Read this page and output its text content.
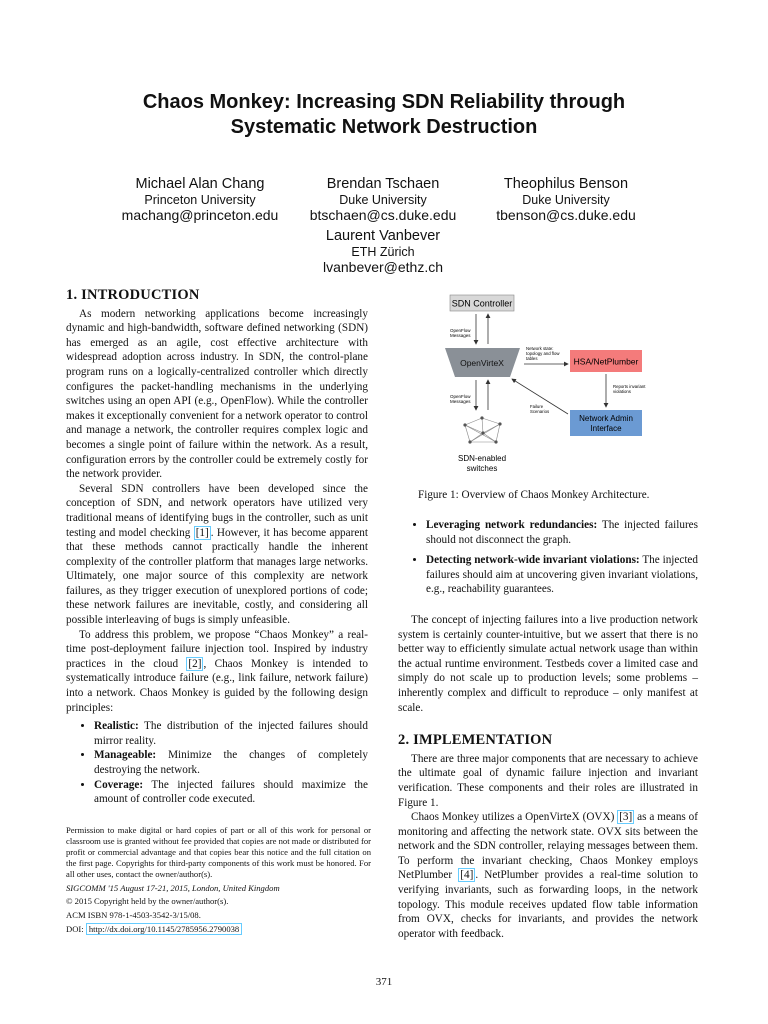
Chaos Monkey: Increasing SDN Reliability through
Systematic Network Destruction
Michael Alan Chang
Princeton University
machang@princeton.edu
Brendan Tschaen
Duke University
btschaen@cs.duke.edu
Theophilus Benson
Duke University
tbenson@cs.duke.edu
Laurent Vanbever
ETH Zürich
lvanbever@ethz.ch
1. INTRODUCTION

As modern networking applications become increasingly dynamic and high-bandwidth, software defined networking (SDN) has emerged as an agile, cost effective architecture with widespread adoption across industry. In SDN, the control-plane program runs on a logically-centralized controller which directly configures the packet-handling mechanisms in the underlying switches using an open API (e.g., OpenFlow). While the controller makes it exceptionally convenient for a network operator to control and manage a network, the controller requires complex logic and becomes a single point of failure within the network. As a result, configuration errors by the controller could be extremely costly for the network provider.

Several SDN controllers have been developed since the conception of SDN, and network operators have utilized very traditional means of identifying bugs in the controller, such as unit testing and model checking [1] . However, it has become apparent that these methods cannot practically handle the inherent complexity of the controller platform that manages large networks. Ultimately, one major source of this complexity are network failures, as they trigger execution of unexplored portions of code; these network failures are inevitable, costly, and considering all possible interleaving of bugs is simply unfeasible.

To address this problem, we propose “Chaos Monkey” a real-time post-deployment failure injection tool. Inspired by industry practices in the cloud [2] , Chaos Monkey is intended to systematically introduce failure (e.g., link failure, network failure) into a network. Chaos Monkey is guided by the following design principles:

• Realistic: The distribution of the injected failures should mirror reality.
• Manageable: Minimize the changes of completely destroying the network.
• Coverage: The injected failures should maximize the amount of controller code executed.
Permission to make digital or hard copies of part or all of this work for personal or classroom use is granted without fee provided that copies are not made or distributed for profit or commercial advantage and that copies bear this notice and the full citation on the first page. Copyrights for third-party components of this work must be honored. For all other uses, contact the owner/author(s).
SIGCOMM '15 August 17-21, 2015, London, United Kingdom
© 2015 Copyright held by the owner/author(s).
ACM ISBN 978-1-4503-3542-3/15/08.
DOI: http://dx.doi.org/10.1145/2785956.2790038
SDN Controller
OpenFlow
Messages
OpenVirteX
Network state:
topology and flow
tables	HSA/NetPlumber
Reports invariant
violations
Network Admin
Interface
Failure
Scenarios
OpenFlow
Messages
SDN-enabled
switches
Figure 1: Overview of Chaos Monkey Architecture.
• Leveraging network redundancies: The injected failures should not disconnect the graph.
• Detecting network-wide invariant violations: The injected failures should aim at uncovering given invariant violations, e.g., reachability guarantees.

The concept of injecting failures into a live production network system is certainly counter-intuitive, but we assert that there is no better way to efficiently simulate actual network usage than within the actual runtime environment. Testbeds cover a limited case and simply do not scale up to production levels; some problems – inherently complex and difficult to reproduce – only manifest at scale.

2. IMPLEMENTATION

There are three major components that are necessary to achieve the ultimate goal of dynamic failure injection and invariant verification. These components and their roles are illustrated in Figure 1.

Chaos Monkey utilizes a OpenVirteX (OVX) [3] as a means of monitoring and affecting the network state. OVX sits between the network and the SDN controller, relaying messages between them. To perform the invariant checking, Chaos Monkey employs NetPlumber [4] . NetPlumber provides a real-time solution to verifying invariants, such as forwarding loops, in the network topology. This module receives updated flow table information from OVX, checks for invariants, and provides the network operator with feedback.

371
